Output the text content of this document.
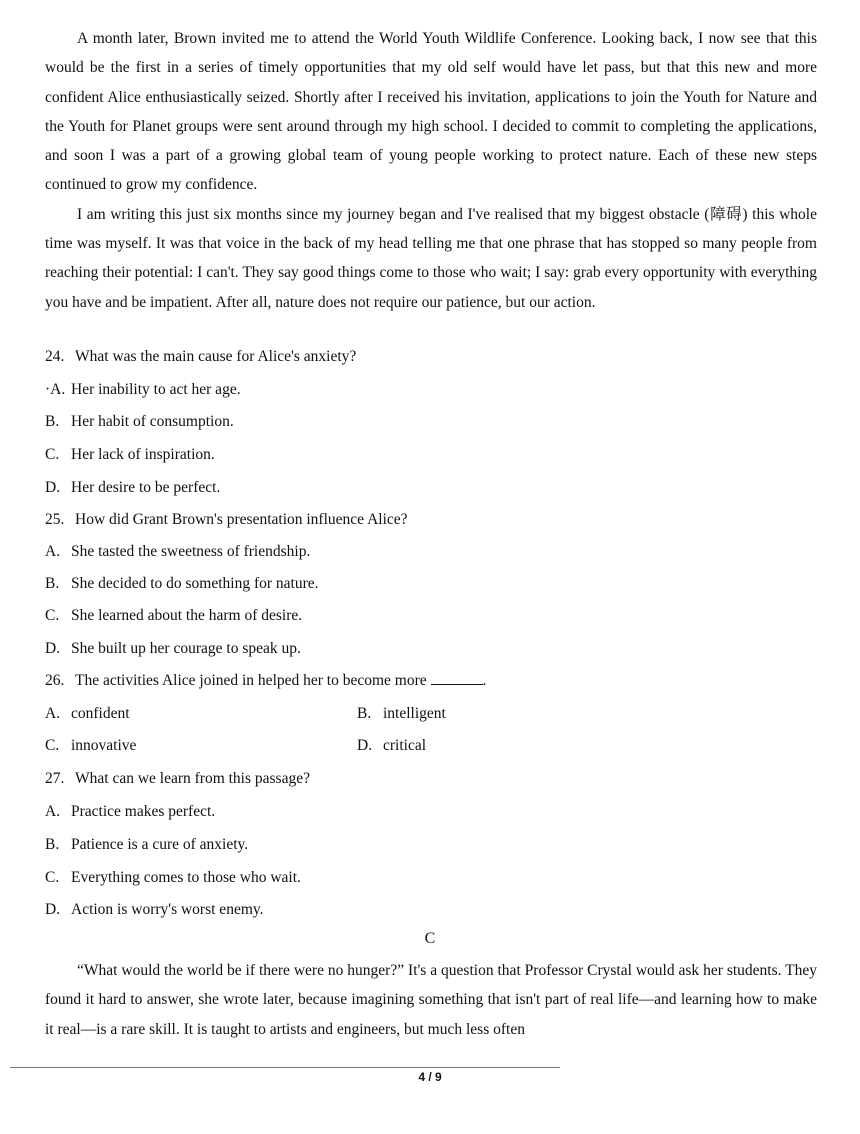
A month later, Brown invited me to attend the World Youth Wildlife Conference. Looking back, I now see that this would be the first in a series of timely opportunities that my old self would have let pass, but that this new and more confident Alice enthusiastically seized. Shortly after I received his invitation, applications to join the Youth for Nature and the Youth for Planet groups were sent around through my high school. I decided to commit to completing the applications, and soon I was a part of a growing global team of young people working to protect nature. Each of these new steps continued to grow my confidence.

I am writing this just six months since my journey began and I've realised that my biggest obstacle (障碍) this whole time was myself. It was that voice in the back of my head telling me that one phrase that has stopped so many people from reaching their potential: I can't. They say good things come to those who wait; I say: grab every opportunity with everything you have and be impatient. After all, nature does not require our patience, but our action.

24. What was the main cause for Alice's anxiety?
·A. Her inability to act her age.
B. Her habit of consumption.
C. Her lack of inspiration.
D. Her desire to be perfect.
25. How did Grant Brown's presentation influence Alice?
A. She tasted the sweetness of friendship.
B. She decided to do something for nature.
C. She learned about the harm of desire.
D. She built up her courage to speak up.
26. The activities Alice joined in helped her to become more	.
A. confident	B. intelligent
C. innovative	D. critical
27. What can we learn from this passage?
A. Practice makes perfect.
B. Patience is a cure of anxiety.
C. Everything comes to those who wait.
D. Action is worry's worst enemy.
C

“What would the world be if there were no hunger?” It's a question that Professor Crystal would ask her students. They found it hard to answer, she wrote later, because imagining something that isn't part of real life—and learning how to make it real—is a rare skill. It is taught to artists and engineers, but much less often

4 / 9
